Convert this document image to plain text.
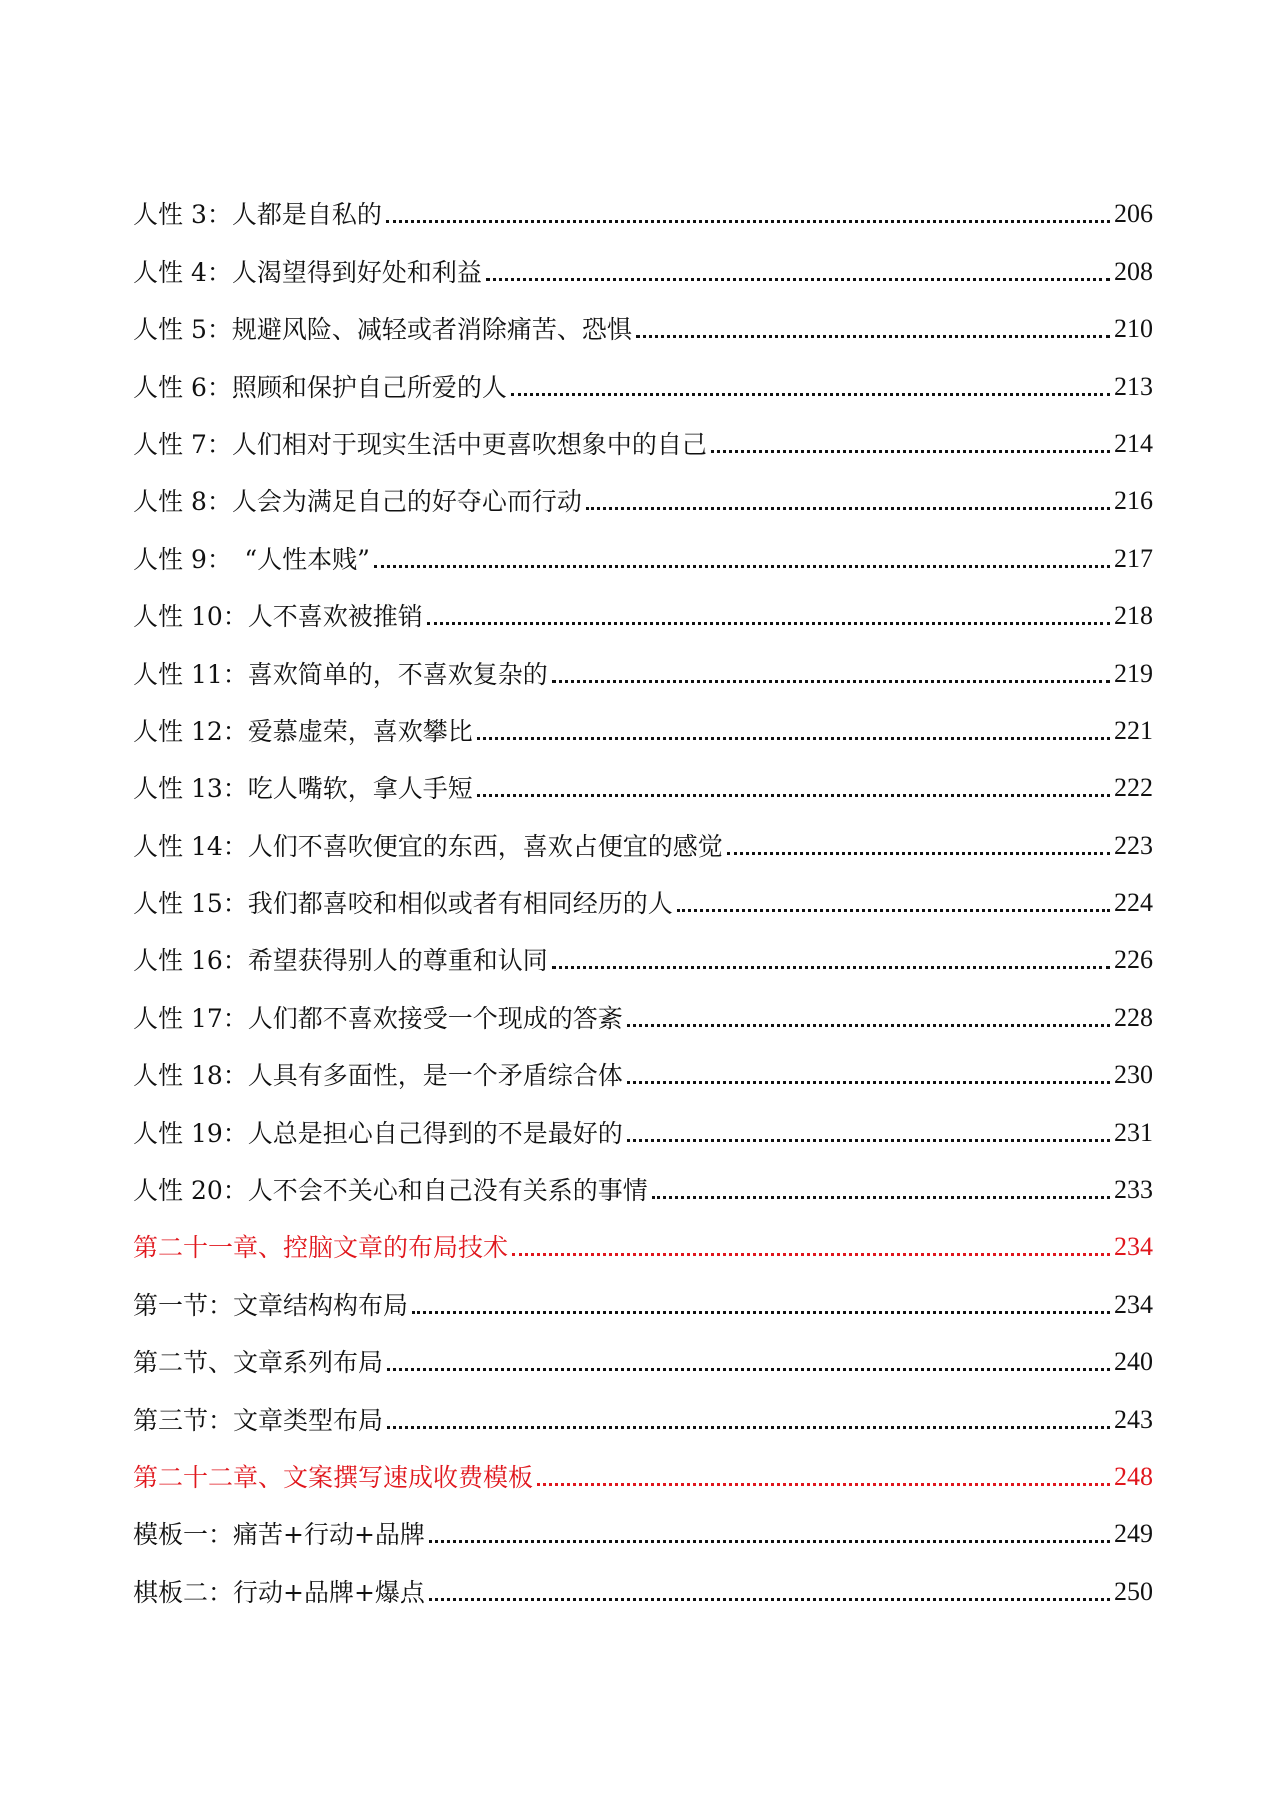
人性 3：人都是自私的	206
人性 4：人渴望得到好处和利益	208
人性 5：规避风险、减轻或者消除痛苦、恐惧	210
人性 6：照顾和保护自己所爱的人	213
人性 7：人们相对于现实生活中更喜吹想象中的自己	214
人性 8：人会为满足自己的好夺心而行动	216
人性 9：　“人性本贱”	217
人性 10：人不喜欢被推销	218
人性 11：喜欢简单的，不喜欢复杂的	219
人性 12：爱慕虚荣，喜欢攀比	221
人性 13：吃人嘴软，拿人手短	222
人性 14：人们不喜吹便宜的东西，喜欢占便宜的感觉	223
人性 15：我们都喜咬和相似或者有相同经历的人	224
人性 16：希望获得别人的尊重和认同	226
人性 17：人们都不喜欢接受一个现成的答紊	228
人性 18：人具有多面性，是一个矛盾综合体	230
人性 19：人总是担心自己得到的不是最好的	231
人性 20：人不会不关心和自己没有关系的事情	233
第二十一章、控脑文章的布局技术	234
第一节：文章结构构布局	234
第二节、文章系列布局	240
第三节：文章类型布局	243
第二十二章、文案撰写速成收费模板	248
模板一：痛苦+行动+品牌	249
棋板二：行动+品牌+爆点	250
